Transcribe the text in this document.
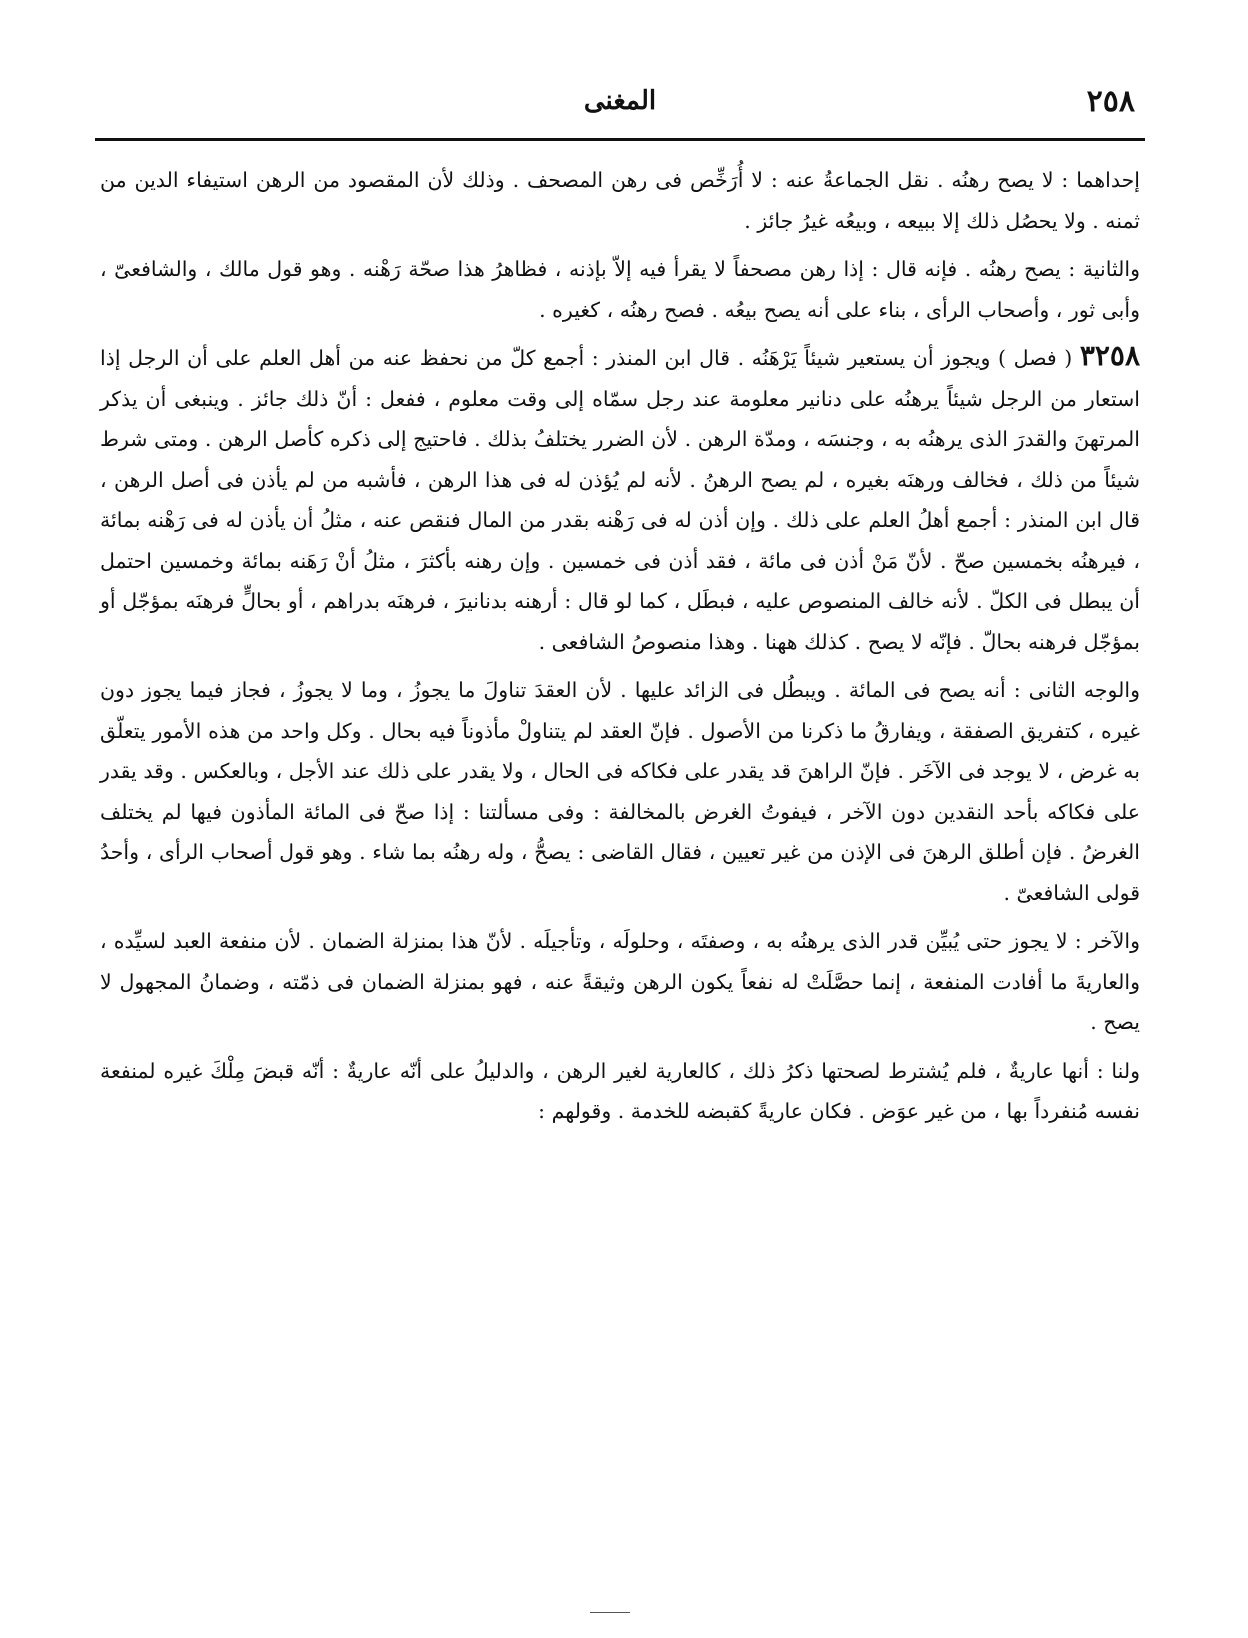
٢٥٨
المغنى

إحداهما : لا يصح رهنُه . نقل الجماعةُ عنه : لا أُرَخِّص فى رهن المصحف . وذلك لأن المقصود من الرهن استيفاء الدين من ثمنه . ولا يحصُل ذلك إلا ببيعه ، وبيعُه غيرُ جائز .

والثانية : يصح رهنُه . فإنه قال : إذا رهن مصحفاً لا يقرأ فيه إلاّ بإذنه ، فظاهرُ هذا صحّة رَهْنه . وهو قول مالك ، والشافعىّ ، وأبى ثور ، وأصحاب الرأى ، بناء على أنه يصح بيعُه . فصح رهنُه ، كغيره .

٣٢٥٨ ( فصل ) ويجوز أن يستعير شيئاً يَرْهَنُه . قال ابن المنذر : أجمع كلّ من نحفظ عنه من أهل العلم على أن الرجل إذا استعار من الرجل شيئاً يرهنُه على دنانير معلومة عند رجل سمّاه إلى وقت معلوم ، ففعل : أنّ ذلك جائز . وينبغى أن يذكر المرتهنَ والقدرَ الذى يرهنُه به ، وجنسَه ، ومدّة الرهن . لأن الضرر يختلفُ بذلك . فاحتيج إلى ذكره كأصل الرهن . ومتى شرط شيئاً من ذلك ، فخالف ورهنَه بغيره ، لم يصح الرهنُ . لأنه لم يُؤذن له فى هذا الرهن ، فأشبه من لم يأذن فى أصل الرهن ، قال ابن المنذر : أجمع أهلُ العلم على ذلك . وإن أذن له فى رَهْنه بقدر من المال فنقص عنه ، مثلُ أن يأذن له فى رَهْنه بمائة ، فيرهنُه بخمسين صحّ . لأنّ مَنْ أذن فى مائة ، فقد أذن فى خمسين . وإن رهنه بأكثرَ ، مثلُ أنْ رَهَنه بمائة وخمسين احتمل أن يبطل فى الكلّ . لأنه خالف المنصوص عليه ، فبطَل ، كما لو قال : أرهنه بدنانيرَ ، فرهنَه بدراهم ، أو بحالٍّ فرهنَه بمؤجّل أو بمؤجّل فرهنه بحالّ . فإنّه لا يصح . كذلك ههنا . وهذا منصوصُ الشافعى .

والوجه الثانى : أنه يصح فى المائة . ويبطُل فى الزائد عليها . لأن العقدَ تناولَ ما يجوزُ ، وما لا يجوزُ ، فجاز فيما يجوز دون غيره ، كتفريق الصفقة ، ويفارقُ ما ذكرنا من الأصول . فإنّ العقد لم يتناولْ مأذوناً فيه بحال . وكل واحد من هذه الأمور يتعلّق به غرض ، لا يوجد فى الآخَر . فإنّ الراهنَ قد يقدر على فكاكه فى الحال ، ولا يقدر على ذلك عند الأجل ، وبالعكس . وقد يقدر على فكاكه بأحد النقدين دون الآخر ، فيفوتُ الغرض بالمخالفة : وفى مسألتنا : إذا صحّ فى المائة المأذون فيها لم يختلف الغرضُ . فإن أطلق الرهنَ فى الإذن من غير تعيين ، فقال القاضى : يصحُّ ، وله رهنُه بما شاء . وهو قول أصحاب الرأى ، وأحدُ قولى الشافعىّ .

والآخر : لا يجوز حتى يُبيِّن قدر الذى يرهنُه به ، وصفتَه ، وحلولَه ، وتأجيلَه . لأنّ هذا بمنزلة الضمان . لأن منفعة العبد لسيِّده ، والعاريةَ ما أفادت المنفعة ، إنما حصَّلَتْ له نفعاً يكون الرهن وثيقةً عنه ، فهو بمنزلة الضمان فى ذمّته ، وضمانُ المجهول لا يصح .

ولنا : أنها عاريةٌ ، فلم يُشترط لصحتها ذكرُ ذلك ، كالعارية لغير الرهن ، والدليلُ على أنّه عاريةٌ : أنّه قبضَ مِلْكَ غيره لمنفعة نفسه مُنفرداً بها ، من غير عوَض . فكان عاريةً كقبضه للخدمة . وقولهم :
